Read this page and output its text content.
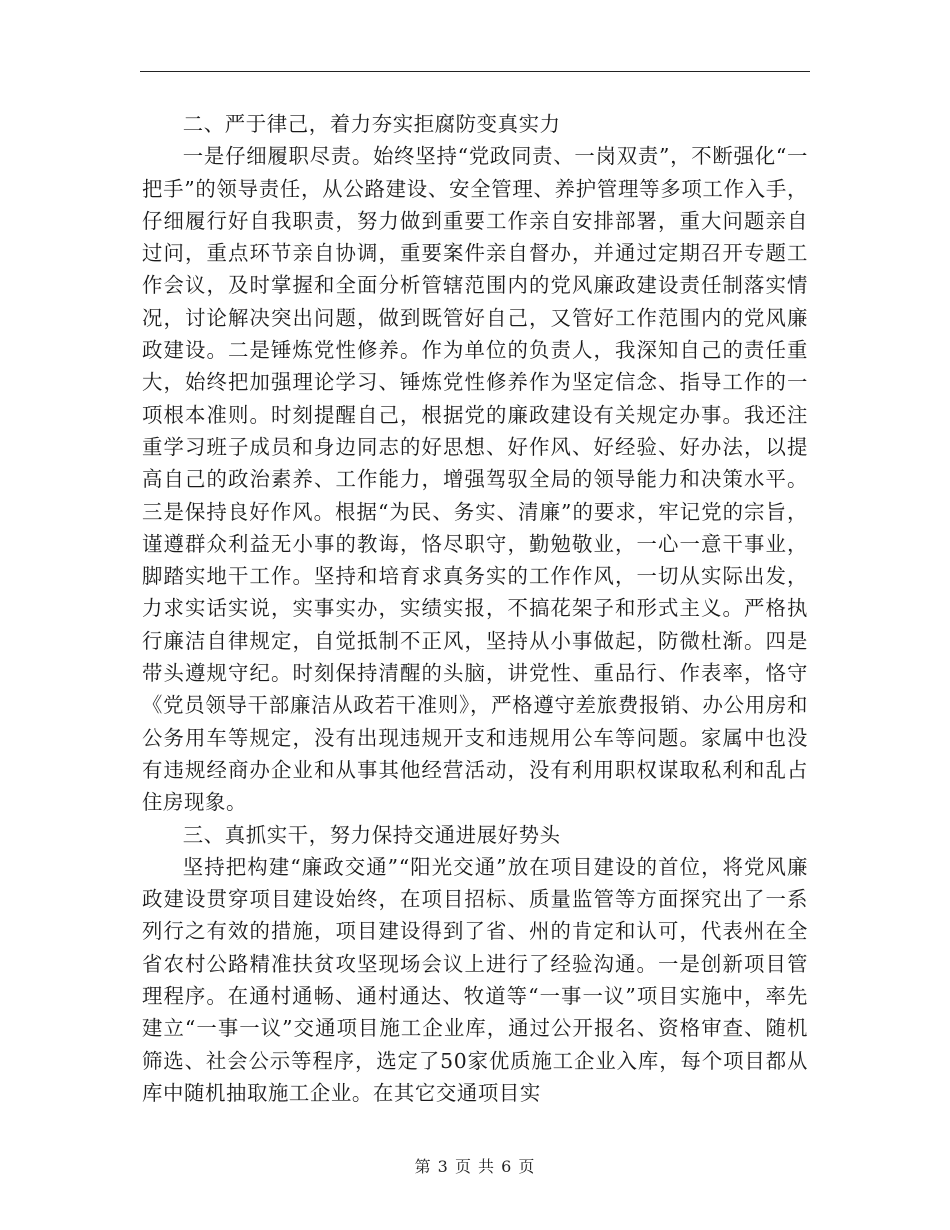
二、严于律己，着力夯实拒腐防变真实力

一是仔细履职尽责。始终坚持“党政同责、一岗双责”，不断强化“一把手”的领导责任，从公路建设、安全管理、养护管理等多项工作入手，仔细履行好自我职责，努力做到重要工作亲自安排部署，重大问题亲自过问，重点环节亲自协调，重要案件亲自督办，并通过定期召开专题工作会议，及时掌握和全面分析管辖范围内的党风廉政建设责任制落实情况，讨论解决突出问题，做到既管好自己，又管好工作范围内的党风廉政建设。二是锤炼党性修养。作为单位的负责人，我深知自己的责任重大，始终把加强理论学习、锤炼党性修养作为坚定信念、指导工作的一项根本准则。时刻提醒自己，根据党的廉政建设有关规定办事。我还注重学习班子成员和身边同志的好思想、好作风、好经验、好办法，以提高自己的政治素养、工作能力，增强驾驭全局的领导能力和决策水平。三是保持良好作风。根据“为民、务实、清廉”的要求，牢记党的宗旨，谨遵群众利益无小事的教诲，恪尽职守，勤勉敬业，一心一意干事业，脚踏实地干工作。坚持和培育求真务实的工作作风，一切从实际出发，力求实话实说，实事实办，实绩实报，不搞花架子和形式主义。严格执行廉洁自律规定，自觉抵制不正风，坚持从小事做起，防微杜渐。四是带头遵规守纪。时刻保持清醒的头脑，讲党性、重品行、作表率，恪守《党员领导干部廉洁从政若干准则》，严格遵守差旅费报销、办公用房和公务用车等规定，没有出现违规开支和违规用公车等问题。家属中也没有违规经商办企业和从事其他经营活动，没有利用职权谋取私利和乱占住房现象。

三、真抓实干，努力保持交通进展好势头

坚持把构建“廉政交通”“阳光交通”放在项目建设的首位，将党风廉政建设贯穿项目建设始终，在项目招标、质量监管等方面探究出了一系列行之有效的措施，项目建设得到了省、州的肯定和认可，代表州在全省农村公路精准扶贫攻坚现场会议上进行了经验沟通。一是创新项目管理程序。在通村通畅、通村通达、牧道等“一事一议”项目实施中，率先建立“一事一议”交通项目施工企业库，通过公开报名、资格审查、随机筛选、社会公示等程序，选定了50家优质施工企业入库，每个项目都从库中随机抽取施工企业。在其它交通项目实

第 3 页 共 6 页
